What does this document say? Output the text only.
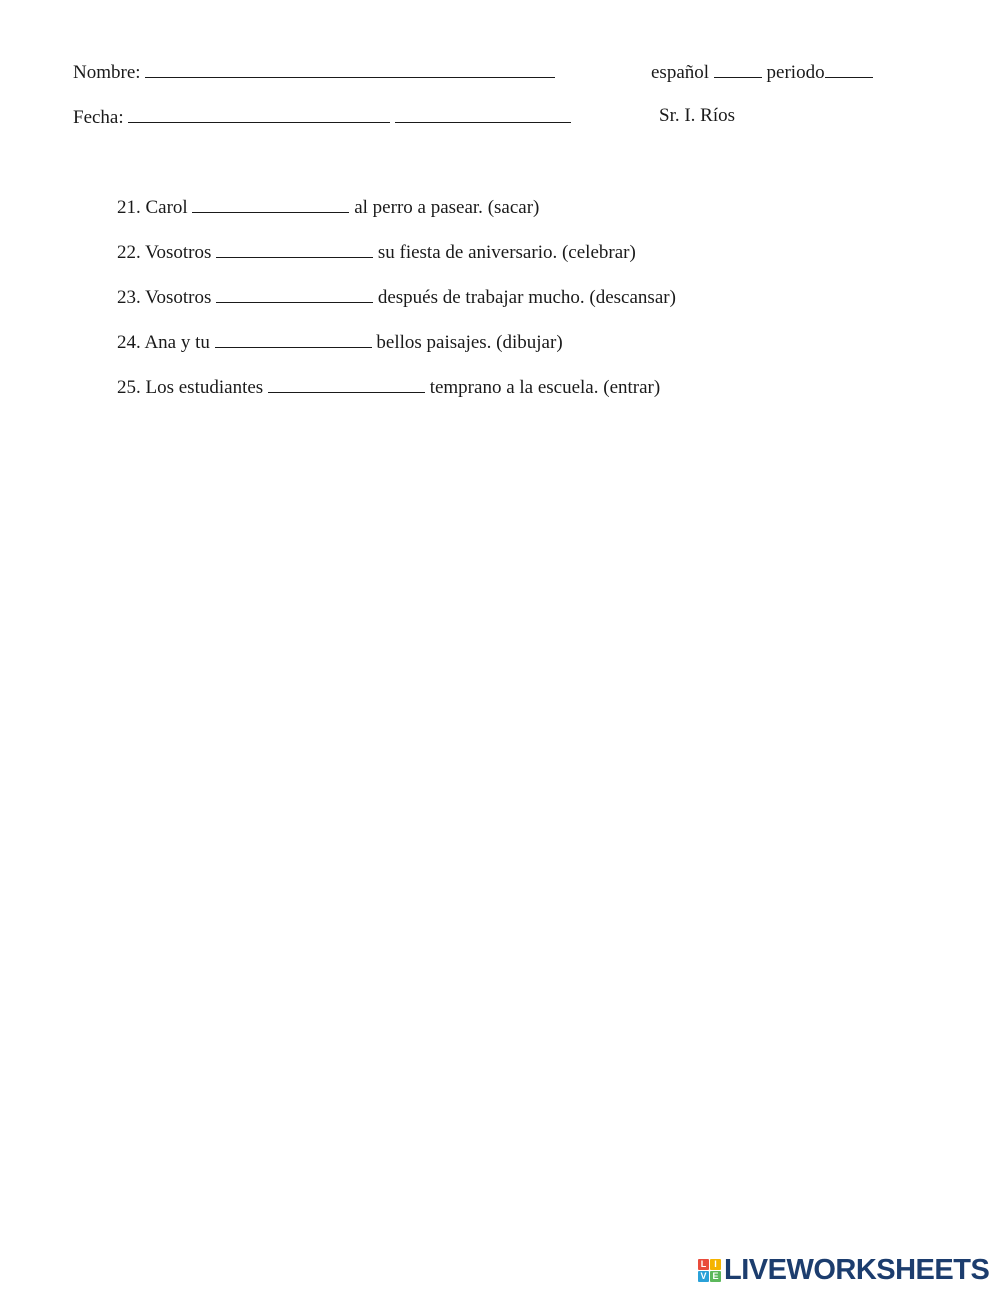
Nombre:	español	periodo
Fecha:	Sr. I. Ríos
21. Carol	al perro a pasear. (sacar)
22. Vosotros	su fiesta de aniversario. (celebrar)
23. Vosotros	después de trabajar mucho. (descansar)
24. Ana y tu	bellos paisajes. (dibujar)
25. Los estudiantes	temprano a la escuela. (entrar)
L I
V E LIVEWORKSHEETS
